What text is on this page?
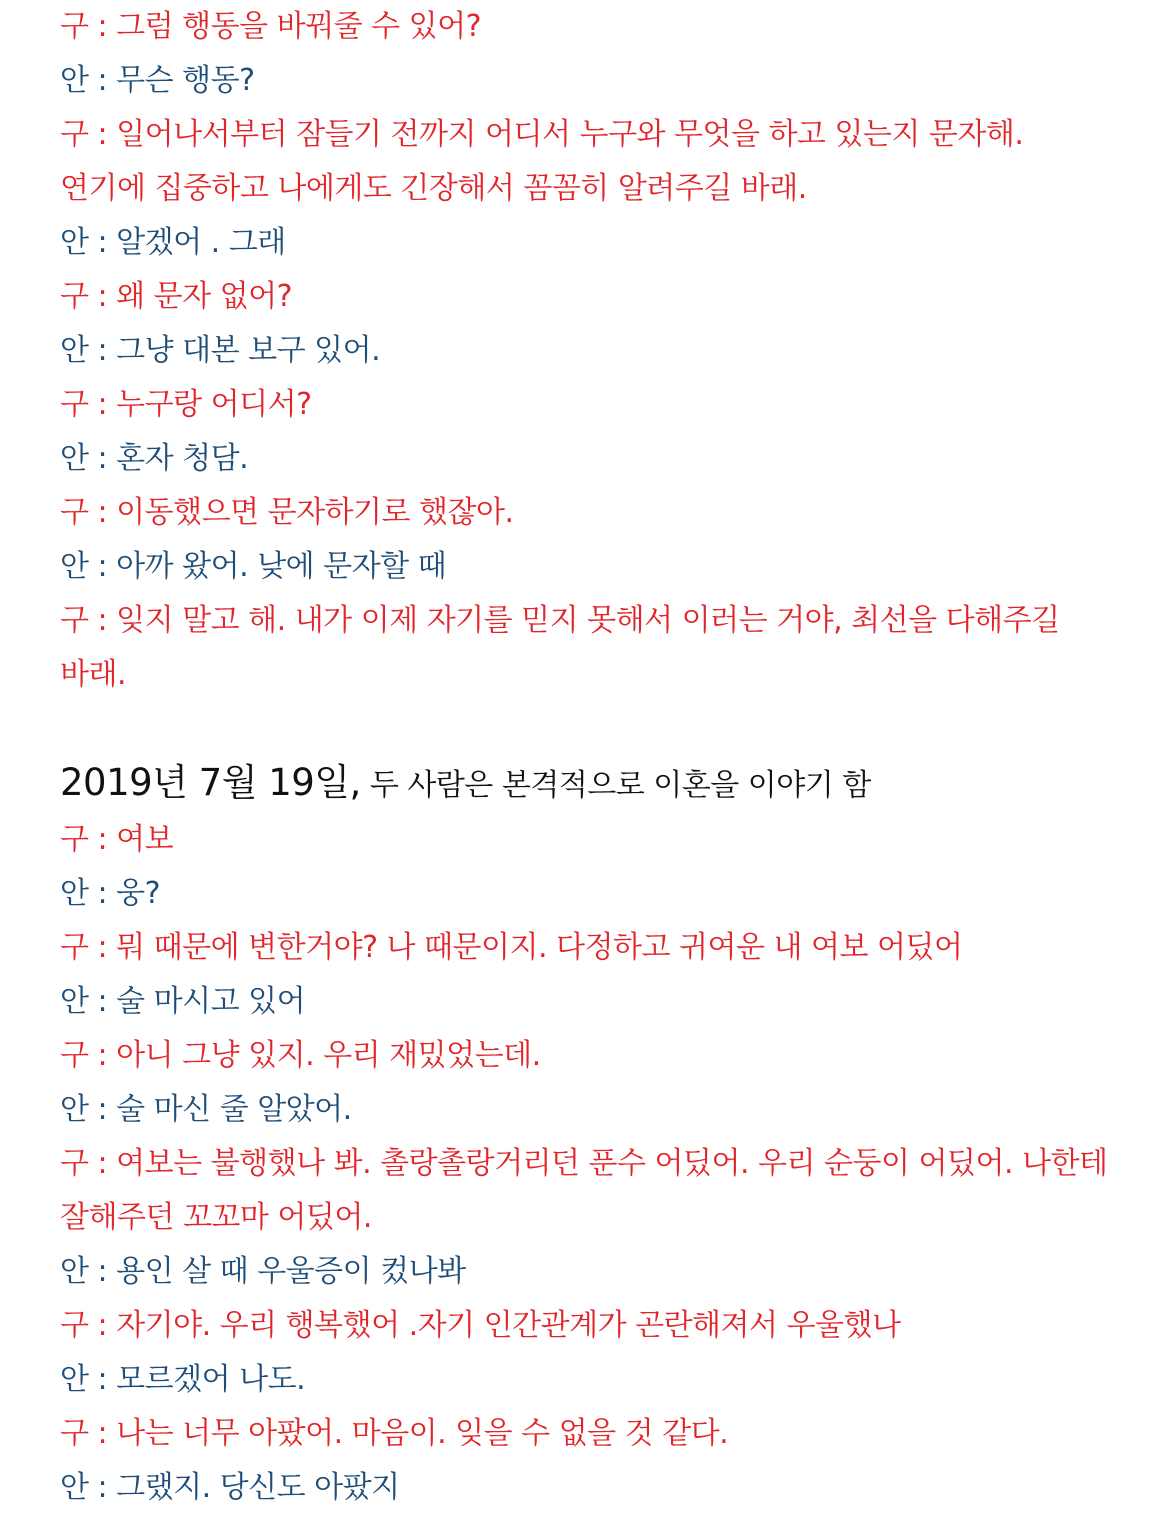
구 : 그럼 행동을 바꿔줄 수 있어?
안 : 무슨 행동?
구 : 일어나서부터 잠들기 전까지 어디서 누구와 무엇을 하고 있는지 문자해. 연기에 집중하고 나에게도 긴장해서 꼼꼼히 알려주길 바래.
안 : 알겠어 . 그래
구 : 왜 문자 없어?
안 : 그냥 대본 보구 있어.
구 : 누구랑 어디서?
안 : 혼자 청담.
구 : 이동했으면 문자하기로 했잖아.
안 : 아까 왔어. 낮에 문자할 때
구 : 잊지 말고 해. 내가 이제 자기를 믿지 못해서 이러는 거야, 최선을 다해주길 바래.
2019년 7월 19일, 두 사람은 본격적으로 이혼을 이야기 함
구 : 여보
안 : 웅?
구 : 뭐 때문에 변한거야? 나 때문이지. 다정하고 귀여운 내 여보 어딨어
안 : 술 마시고 있어
구 : 아니 그냥 있지. 우리 재밌었는데.
안 : 술 마신 줄 알았어.
구 : 여보는 불행했나 봐. 촐랑촐랑거리던 푼수 어딨어. 우리 순둥이 어딨어. 나한테 잘해주던 꼬꼬마 어딨어.
안 : 용인 살 때 우울증이 컸나봐
구 : 자기야. 우리 행복했어 .자기 인간관계가 곤란해져서 우울했나
안 : 모르겠어 나도.
구 : 나는 너무 아팠어. 마음이. 잊을 수 없을 것 같다.
안 : 그랬지. 당신도 아팠지
